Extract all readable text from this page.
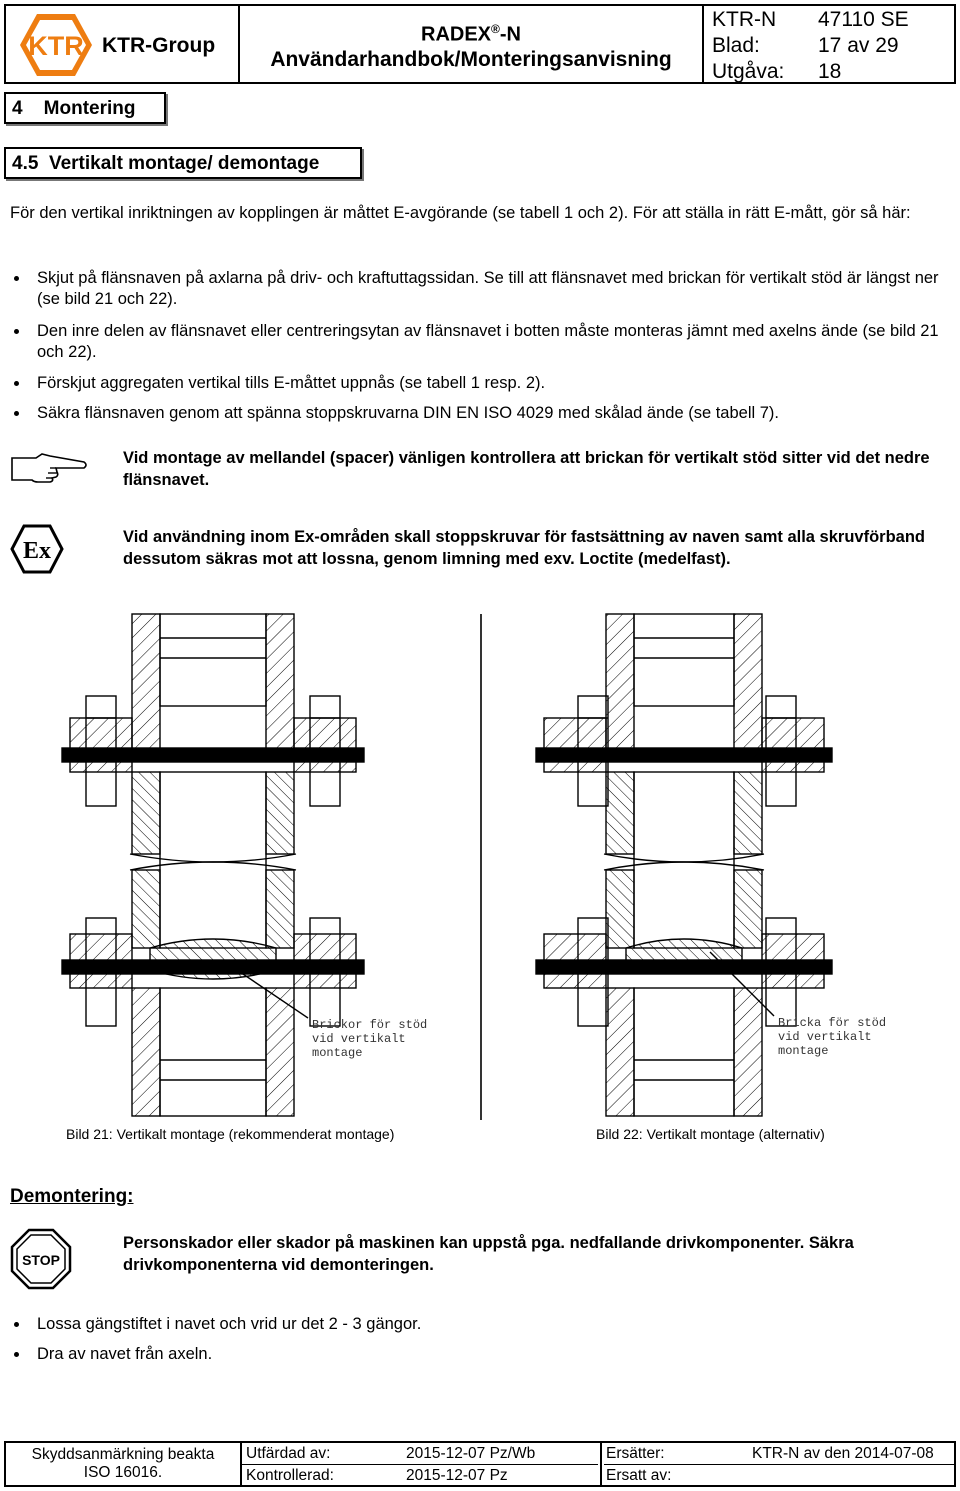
KTR KTR-Group	RADEX®-N
Användarhandbok/Monteringsanvisning
KTR-N 47110 SE
Blad:	17 av 29
Utgåva: 18
4    Montering
4.5  Vertikalt montage/ demontage
För den vertikal inriktningen av kopplingen är måttet E-avgörande (se tabell 1 och 2). För att ställa in rätt E-mått, gör så här:
Skjut på flänsnaven på axlarna på driv- och kraftuttagssidan. Se till att flänsnavet med brickan för vertikalt stöd är längst ner (se bild 21 och 22).
Den inre delen av flänsnavet eller centreringsytan av flänsnavet i botten måste monteras jämnt med axelns ände (se bild 21 och 22).
Förskjut aggregaten vertikal tills E-måttet uppnås (se tabell 1 resp. 2).
Säkra flänsnaven genom att spänna stoppskruvarna DIN EN ISO 4029 med skålad ände (se tabell 7).
Vid montage av mellandel (spacer) vänligen kontrollera att brickan för vertikalt stöd sitter vid det nedre flänsnavet.
Ex
Vid användning inom Ex-områden skall stoppskruvar för fastsättning av naven samt alla skruvförband dessutom säkras mot att lossna, genom limning med exv. Loctite (medelfast).
Brickor för stöd
vid vertikalt
montage
Bricka för stöd
vid vertikalt
montage
Bild 21: Vertikalt montage (rekommenderat montage)	Bild 22: Vertikalt montage (alternativ)
Demontering:
STOP
Personskador eller skador på maskinen kan uppstå pga. nedfallande drivkomponenter. Säkra drivkomponenterna vid demonteringen.
Lossa gängstiftet i navet och vrid ur det 2 - 3 gängor.
Dra av navet från axeln.
Skyddsanmärkning beakta
ISO 16016.
Utfärdad av:	2015-12-07 Pz/Wb
Kontrollerad:	2015-12-07 Pz
Ersätter:	KTR-N av den 2014-07-08
Ersatt av:
